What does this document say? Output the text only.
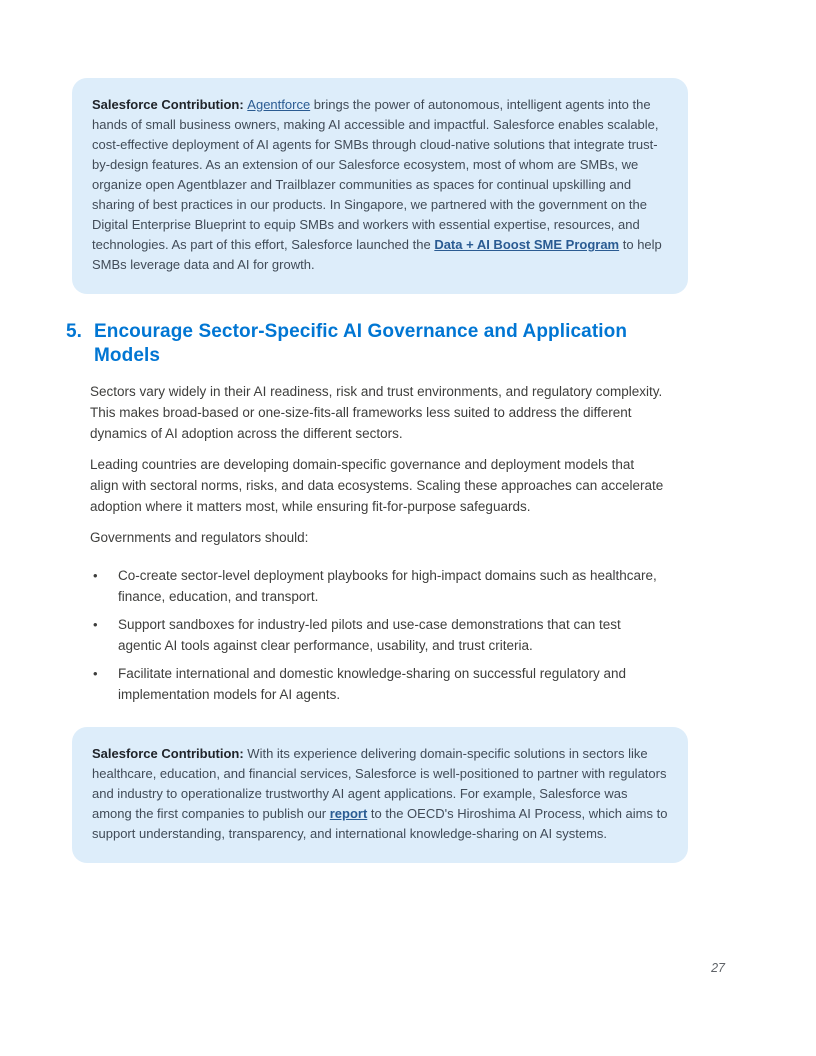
Salesforce Contribution: Agentforce brings the power of autonomous, intelligent agents into the hands of small business owners, making AI accessible and impactful. Salesforce enables scalable, cost-effective deployment of AI agents for SMBs through cloud-native solutions that integrate trust-by-design features. As an extension of our Salesforce ecosystem, most of whom are SMBs, we organize open Agentblazer and Trailblazer communities as spaces for continual upskilling and sharing of best practices in our products. In Singapore, we partnered with the government on the Digital Enterprise Blueprint to equip SMBs and workers with essential expertise, resources, and technologies. As part of this effort, Salesforce launched the Data + AI Boost SME Program to help SMBs leverage data and AI for growth.

5. Encourage Sector-Specific AI Governance and Application Models

Sectors vary widely in their AI readiness, risk and trust environments, and regulatory complexity. This makes broad-based or one-size-fits-all frameworks less suited to address the different dynamics of AI adoption across the different sectors.

Leading countries are developing domain-specific governance and deployment models that align with sectoral norms, risks, and data ecosystems. Scaling these approaches can accelerate adoption where it matters most, while ensuring fit-for-purpose safeguards.

Governments and regulators should:

• Co-create sector-level deployment playbooks for high-impact domains such as healthcare, finance, education, and transport.
• Support sandboxes for industry-led pilots and use-case demonstrations that can test agentic AI tools against clear performance, usability, and trust criteria.
• Facilitate international and domestic knowledge-sharing on successful regulatory and implementation models for AI agents.

Salesforce Contribution: With its experience delivering domain-specific solutions in sectors like healthcare, education, and financial services, Salesforce is well-positioned to partner with regulators and industry to operationalize trustworthy AI agent applications. For example, Salesforce was among the first companies to publish our report to the OECD's Hiroshima AI Process, which aims to support understanding, transparency, and international knowledge-sharing on AI systems.

27
